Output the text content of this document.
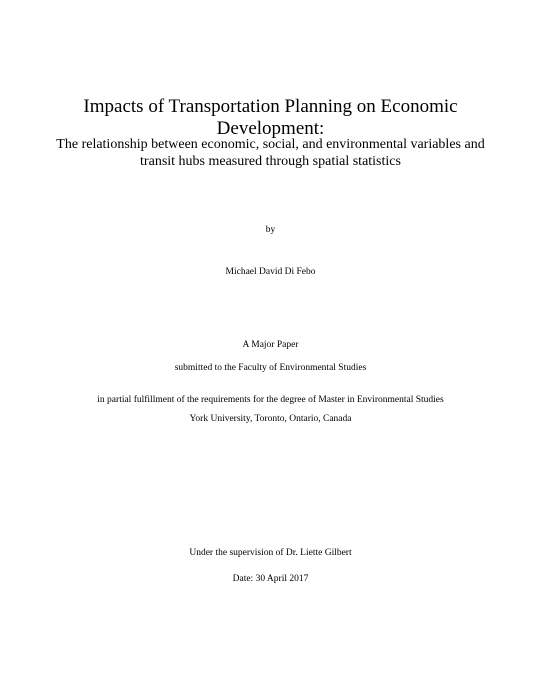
Impacts of Transportation Planning on Economic
Development:
The relationship between economic, social, and environmental variables and
transit hubs measured through spatial statistics
by
Michael David Di Febo
A Major Paper
submitted to the Faculty of Environmental Studies
in partial fulfillment of the requirements for the degree of Master in Environmental Studies
York University, Toronto, Ontario, Canada
Under the supervision of Dr. Liette Gilbert
Date: 30 April 2017
